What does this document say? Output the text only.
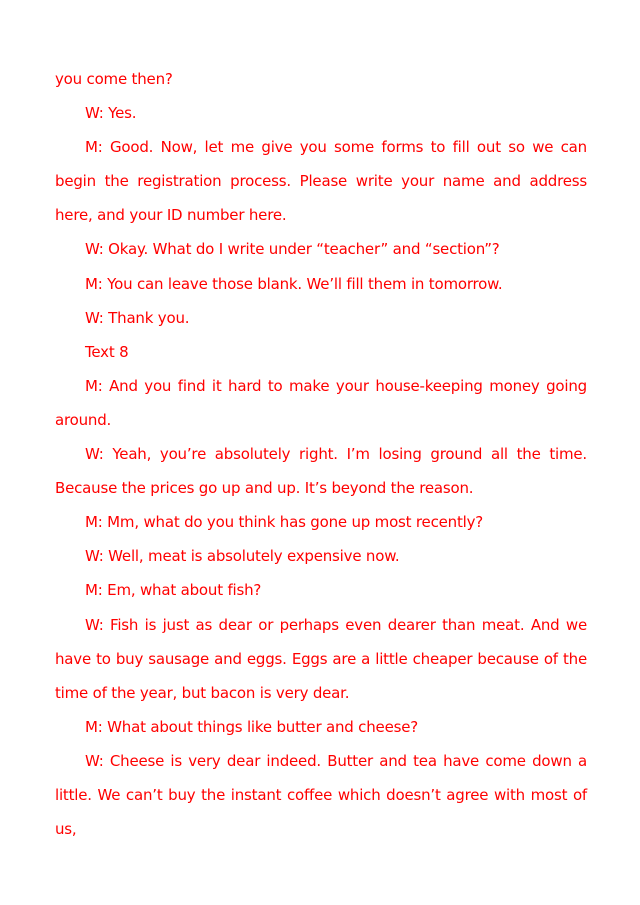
you come then?

W: Yes.

M: Good. Now, let me give you some forms to fill out so we can begin the registration process. Please write your name and address here, and your ID number here.

W: Okay. What do I write under “teacher” and “section”?

M: You can leave those blank. We’ll fill them in tomorrow.

W: Thank you.

Text 8

M: And you find it hard to make your house-keeping money going around.

W: Yeah, you’re absolutely right. I’m losing ground all the time. Because the prices go up and up. It’s beyond the reason.

M: Mm, what do you think has gone up most recently?

W: Well, meat is absolutely expensive now.

M: Em, what about fish?

W: Fish is just as dear or perhaps even dearer than meat. And we have to buy sausage and eggs. Eggs are a little cheaper because of the time of the year, but bacon is very dear.

M: What about things like butter and cheese?

W: Cheese is very dear indeed. Butter and tea have come down a little. We can’t buy the instant coffee which doesn’t agree with most of us,
